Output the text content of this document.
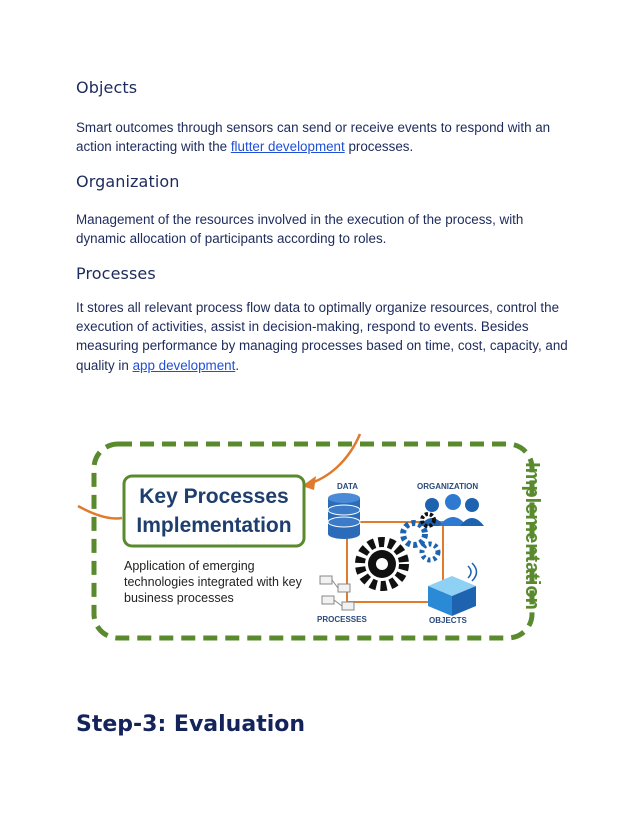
Objects

Smart outcomes through sensors can send or receive events to respond with an action interacting with the flutter development processes.

Organization

Management of the resources involved in the execution of the process, with dynamic allocation of participants according to roles.

Processes

It stores all relevant process flow data to optimally organize resources, control the execution of activities, assist in decision-making, respond to events. Besides measuring performance by managing processes based on time, cost, capacity, and quality in app development.

Key Processes
Implementation
Application of emerging
technologies integrated with key
business processes	Implementation
DATA	ORGANIZATION
PROCESSES	OBJECTS
Step-3: Evaluation
